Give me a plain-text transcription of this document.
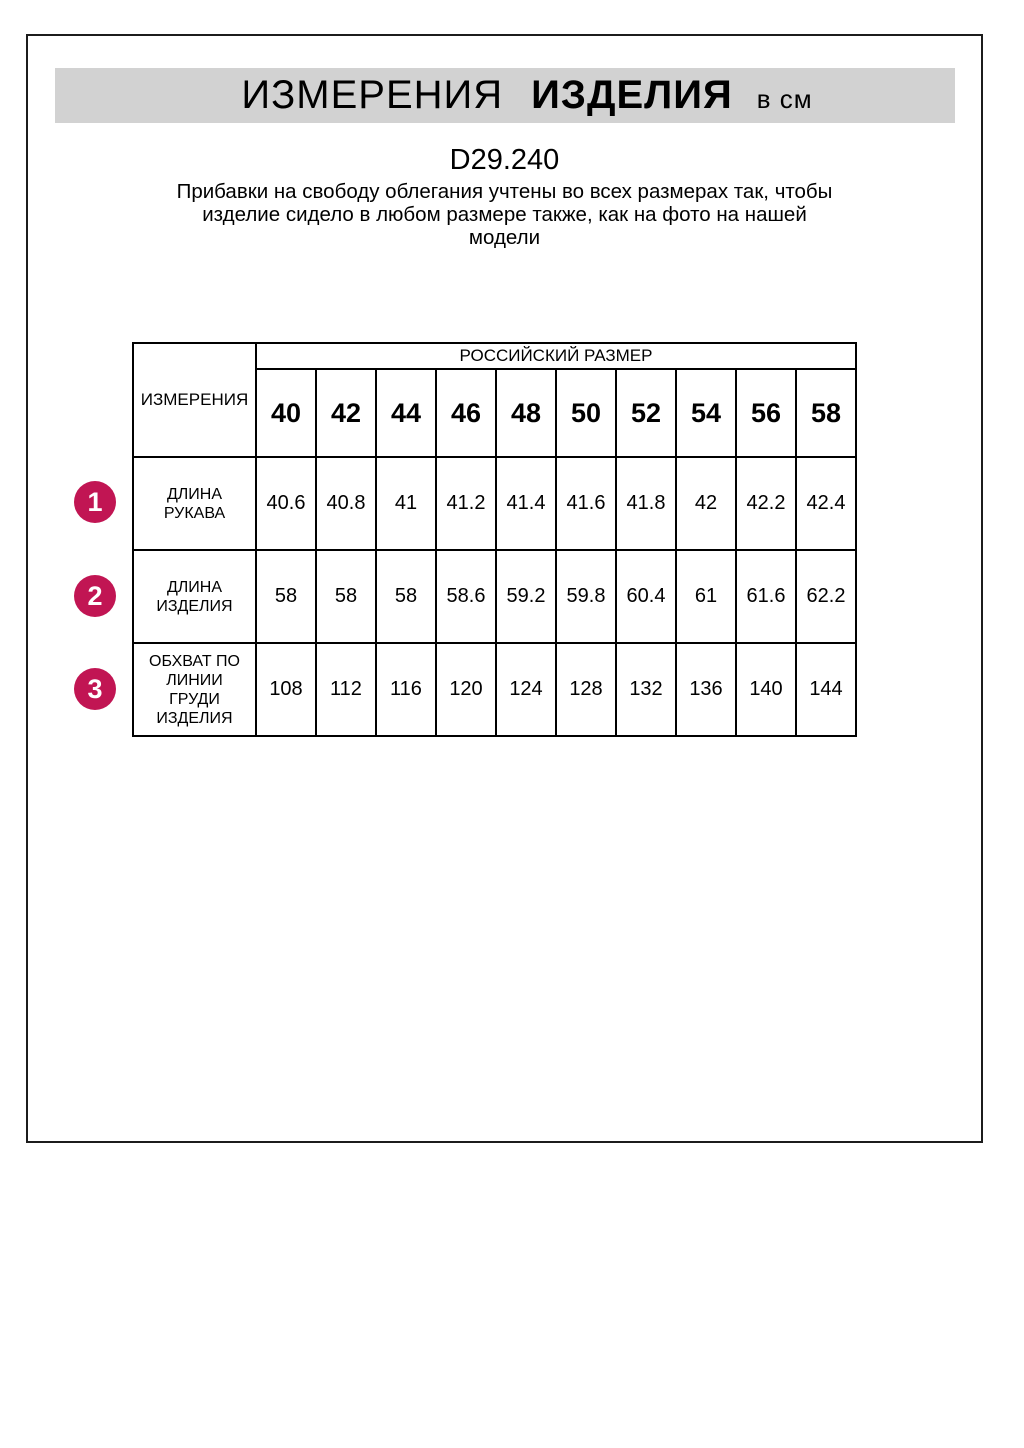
ИЗМЕРЕНИЯ ИЗДЕЛИЯ в см
D29.240
Прибавки на свободу облегания учтены во всех размерах так, чтобы
изделие сидело в любом размере также, как на фото на нашей
модели
1
2
3
ИЗМЕРЕНИЯ	РОССИЙСКИЙ РАЗМЕР									
	40	42	44	46	48	50	52	54	56	58
ДЛИНА РУКАВА	40.6	40.8	41	41.2	41.4	41.6	41.8	42	42.2	42.4
ДЛИНА ИЗДЕЛИЯ	58	58	58	58.6	59.2	59.8	60.4	61	61.6	62.2
ОБХВАТ ПО ЛИНИИ ГРУДИ ИЗДЕЛИЯ	108	112	116	120	124	128	132	136	140	144
